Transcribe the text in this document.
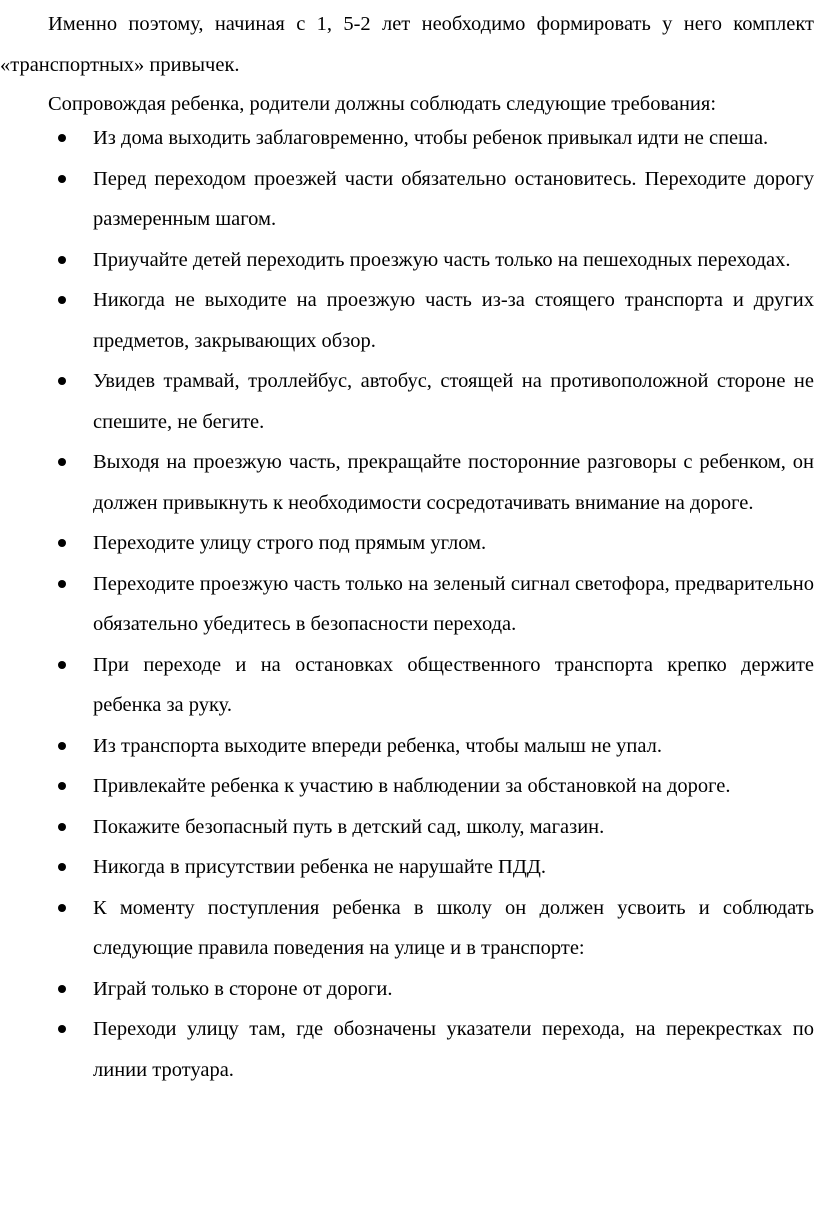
Именно поэтому, начиная с 1, 5-2 лет необходимо формировать у него комплект «транспортных» привычек.

Сопровождая ребенка, родители должны соблюдать следующие требования:

Из дома выходить заблаговременно, чтобы ребенок привыкал идти не спеша.
Перед переходом проезжей части обязательно остановитесь. Переходите дорогу размеренным шагом.
Приучайте детей переходить проезжую часть только на пешеходных переходах.
Никогда не выходите на проезжую часть из-за стоящего транспорта и других предметов, закрывающих обзор.
Увидев трамвай, троллейбус, автобус, стоящей на противоположной стороне не спешите, не бегите.
Выходя на проезжую часть, прекращайте посторонние разговоры с ребенком, он должен привыкнуть к необходимости сосредотачивать внимание на дороге.
Переходите улицу строго под прямым углом.
Переходите проезжую часть только на зеленый сигнал светофора, предварительно обязательно убедитесь в безопасности перехода.
При переходе и на остановках общественного транспорта крепко держите ребенка за руку.
Из транспорта выходите впереди ребенка, чтобы малыш не упал.
Привлекайте ребенка к участию в наблюдении за обстановкой на дороге.
Покажите безопасный путь в детский сад, школу, магазин.
Никогда в присутствии ребенка не нарушайте ПДД.
К моменту поступления ребенка в школу он должен усвоить и соблюдать следующие правила поведения на улице и в транспорте:
Играй только в стороне от дороги.
Переходи улицу там, где обозначены указатели перехода, на перекрестках по линии тротуара.
